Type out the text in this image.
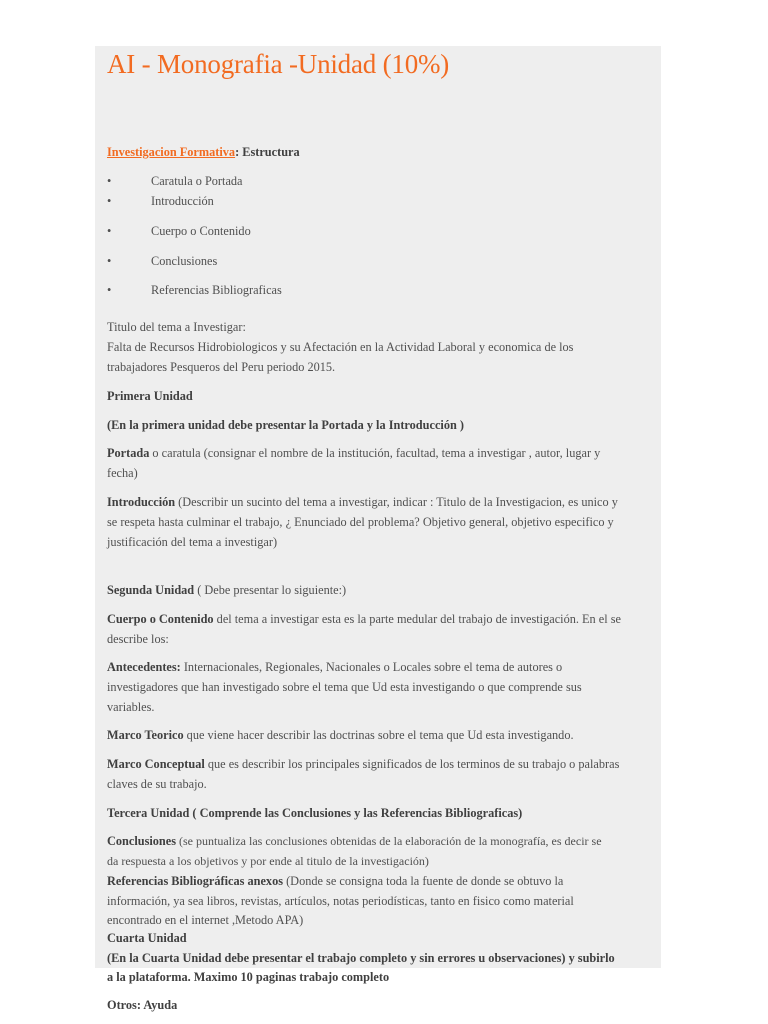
AI - Monografia -Unidad (10%)
Investigacion Formativa: Estructura
•	Caratula o Portada
•	Introducción
•	Cuerpo o Contenido
•	Conclusiones
•	Referencias Bibliograficas
Titulo del tema a Investigar:
Falta de Recursos Hidrobiologicos y su Afectación en la Actividad Laboral y economica de los
trabajadores Pesqueros del Peru periodo 2015.
Primera Unidad
(En la primera unidad debe presentar la Portada y la Introducción )
Portada o caratula (consignar el nombre de la institución, facultad, tema a investigar , autor, lugar y
fecha)
Introducción (Describir un sucinto del tema a investigar, indicar : Titulo de la Investigacion, es unico y
se respeta hasta culminar el trabajo, ¿ Enunciado del problema? Objetivo general, objetivo especifico y
justificación del tema a investigar)
Segunda Unidad ( Debe presentar lo siguiente:)
Cuerpo o Contenido del tema a investigar esta es la parte medular del trabajo de investigación. En el se
describe los:
Antecedentes: Internacionales, Regionales, Nacionales o Locales sobre el tema de autores o
investigadores que han investigado sobre el tema que Ud esta investigando o que comprende sus
variables.
Marco Teorico que viene hacer describir las doctrinas sobre el tema que Ud esta investigando.
Marco Conceptual que es describir los principales significados de los terminos de su trabajo o palabras
claves de su trabajo.
Tercera Unidad ( Comprende las Conclusiones y las Referencias Bibliograficas)
Conclusiones (se puntualiza las conclusiones obtenidas de la elaboración de la monografía, es decir se
da respuesta a los objetivos y por ende al titulo de la investigación)
Referencias Bibliográficas anexos (Donde se consigna toda la fuente de donde se obtuvo la
información, ya sea libros, revistas, artículos, notas periodísticas, tanto en fisico como material
encontrado en el internet ,Metodo APA)
Cuarta Unidad
(En la Cuarta Unidad debe presentar el trabajo completo y sin errores u observaciones) y subirlo
a la plataforma. Maximo 10 paginas trabajo completo
Otros: Ayuda
